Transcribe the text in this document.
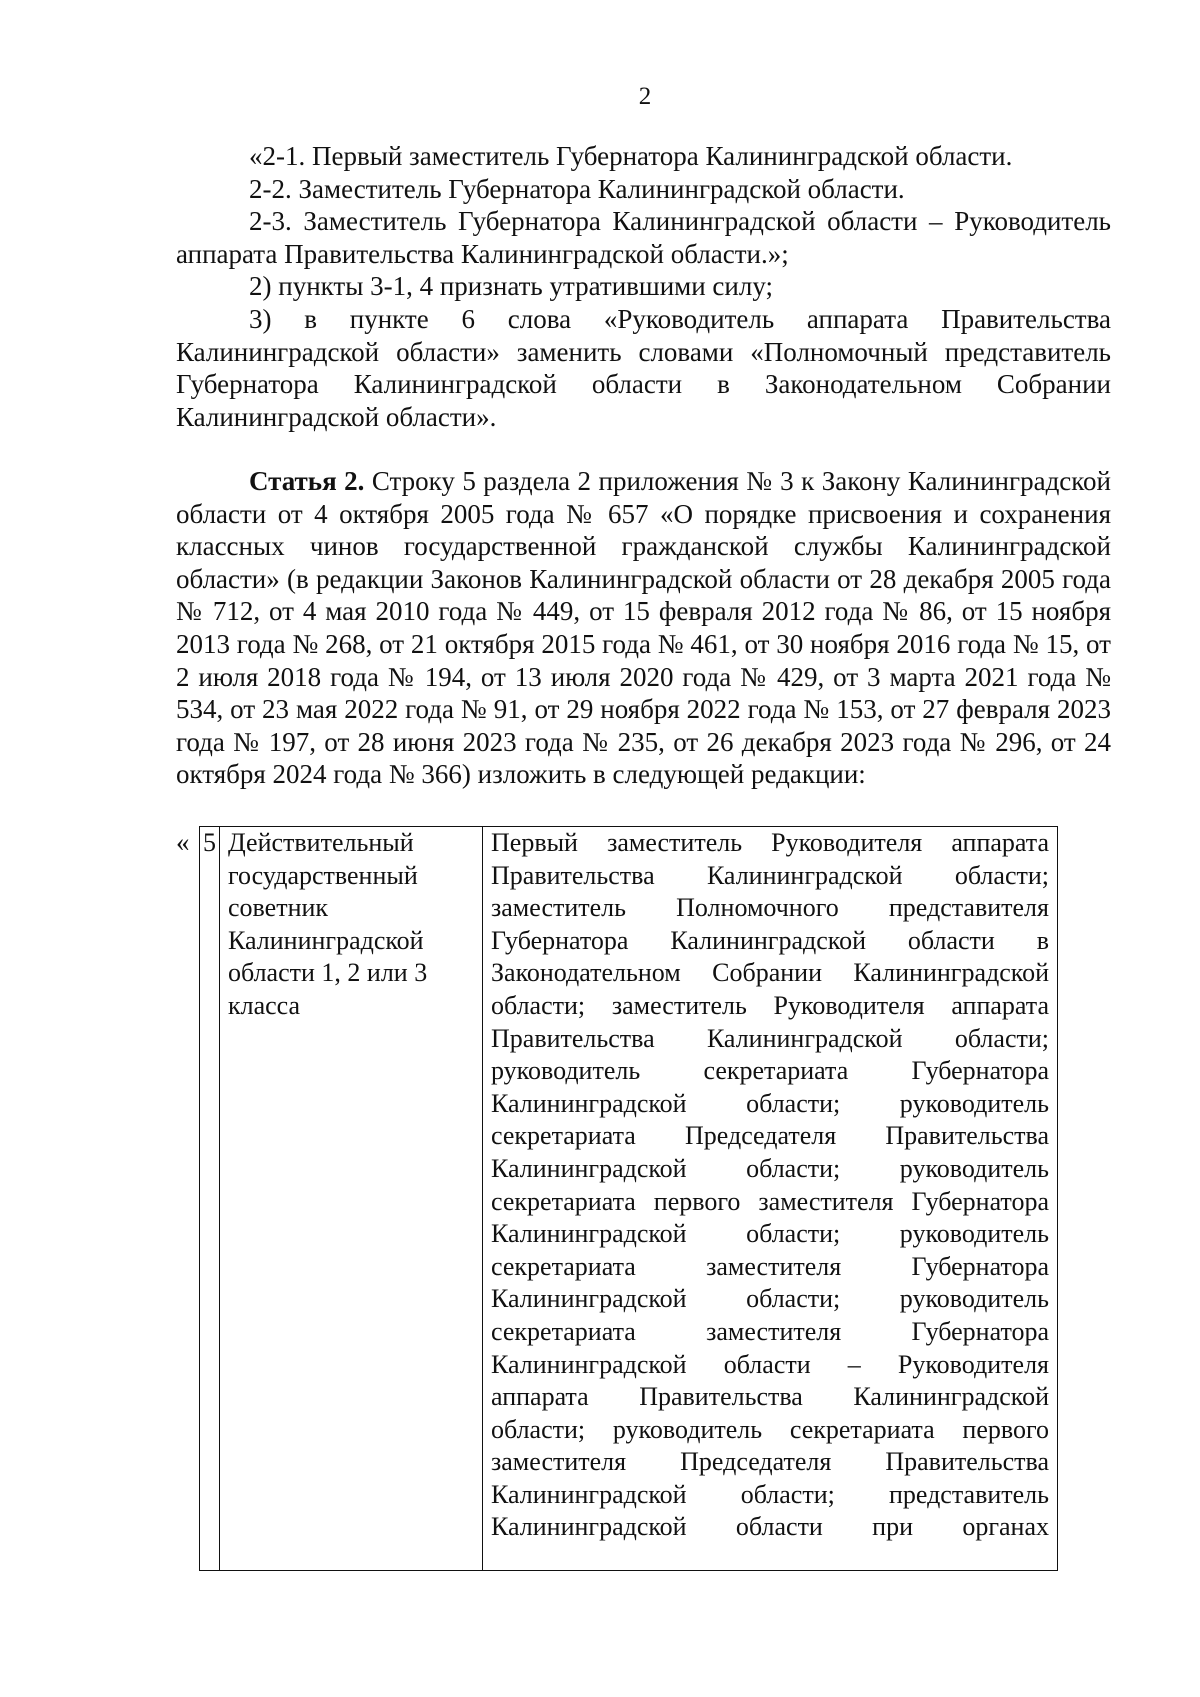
2

«2-1. Первый заместитель Губернатора Калининградской области.

2-2. Заместитель Губернатора Калининградской области.

2-3. Заместитель Губернатора Калининградской области – Руководитель аппарата Правительства Калининградской области.»;

2) пункты 3-1, 4 признать утратившими силу;

3) в пункте 6 слова «Руководитель аппарата Правительства Калининградской области» заменить словами «Полномочный представитель Губернатора Калининградской области в Законодательном Собрании Калининградской области».

Статья 2. Строку 5 раздела 2 приложения № 3 к Закону Калининградской области от 4 октября 2005 года № 657 «О порядке присвоения и сохранения классных чинов государственной гражданской службы Калининградской области» (в редакции Законов Калининградской области от 28 декабря 2005 года № 712, от 4 мая 2010 года № 449, от 15 февраля 2012 года № 86, от 15 ноября 2013 года № 268, от 21 октября 2015 года № 461, от 30 ноября 2016 года № 15, от 2 июля 2018 года № 194, от 13 июля 2020 года № 429, от 3 марта 2021 года № 534, от 23 мая 2022 года № 91, от 29 ноября 2022 года № 153, от 27 февраля 2023 года № 197, от 28 июня 2023 года № 235, от 26 декабря 2023 года № 296, от 24 октября 2024 года № 366) изложить в следующей редакции:

« 5	Действительный государственный советник Калининградской области 1, 2 или 3 класса	Первый заместитель Руководителя аппарата Правительства Калининградской области; заместитель Полномочного представителя Губернатора Калининградской области в Законодательном Собрании Калининградской области; заместитель Руководителя аппарата Правительства Калининградской области; руководитель секретариата Губернатора Калининградской области; руководитель секретариата Председателя Правительства Калининградской области; руководитель секретариата первого заместителя Губернатора Калининградской области; руководитель секретариата заместителя Губернатора Калининградской области; руководитель секретариата заместителя Губернатора Калининградской области – Руководителя аппарата Правительства Калининградской области; руководитель секретариата первого заместителя Председателя Правительства Калининградской области; представитель Калининградской области при органах
